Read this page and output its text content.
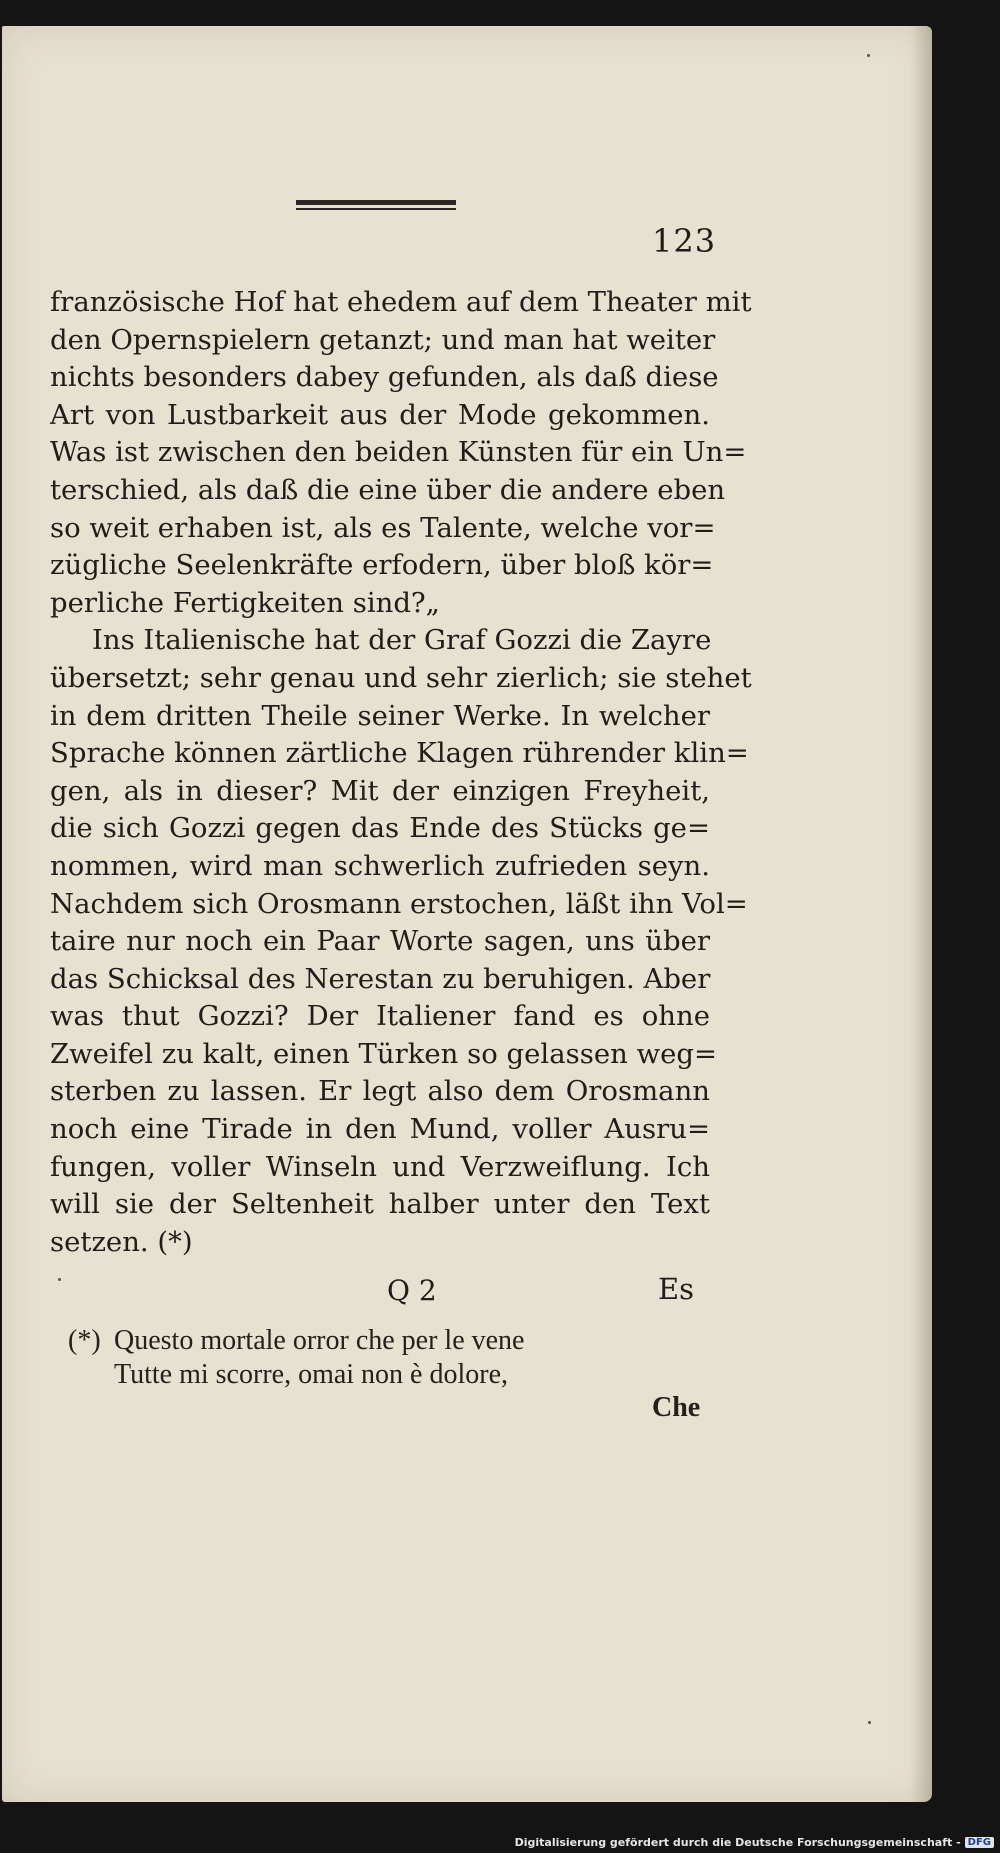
123

französische Hof hat ehedem auf dem Theater mit
den Opernspielern getanzt; und man hat weiter
nichts besonders dabey gefunden, als daß diese
Art von Lustbarkeit aus der Mode gekommen.
Was ist zwischen den beiden Künsten für ein Un=
terschied, als daß die eine über die andere eben
so weit erhaben ist, als es Talente, welche vor=
zügliche Seelenkräfte erfodern, über bloß kör=
perliche Fertigkeiten sind?„
Ins Italienische hat der Graf Gozzi die Zayre
übersetzt; sehr genau und sehr zierlich; sie stehet
in dem dritten Theile seiner Werke. In welcher
Sprache können zärtliche Klagen rührender klin=
gen, als in dieser? Mit der einzigen Freyheit,
die sich Gozzi gegen das Ende des Stücks ge=
nommen, wird man schwerlich zufrieden seyn.
Nachdem sich Orosmann erstochen, läßt ihn Vol=
taire nur noch ein Paar Worte sagen, uns über
das Schicksal des Nerestan zu beruhigen. Aber
was thut Gozzi? Der Italiener fand es ohne
Zweifel zu kalt, einen Türken so gelassen weg=
sterben zu lassen. Er legt also dem Orosmann
noch eine Tirade in den Mund, voller Ausru=
fungen, voller Winseln und Verzweiflung. Ich
will sie der Seltenheit halber unter den Text
setzen. (*)

Q 2	Es
(*) Questo mortale orror che per le vene
Tutte mi scorre, omai non è dolore,
Che
Digitalisierung gefördert durch die Deutsche Forschungsgemeinschaft - DFG
